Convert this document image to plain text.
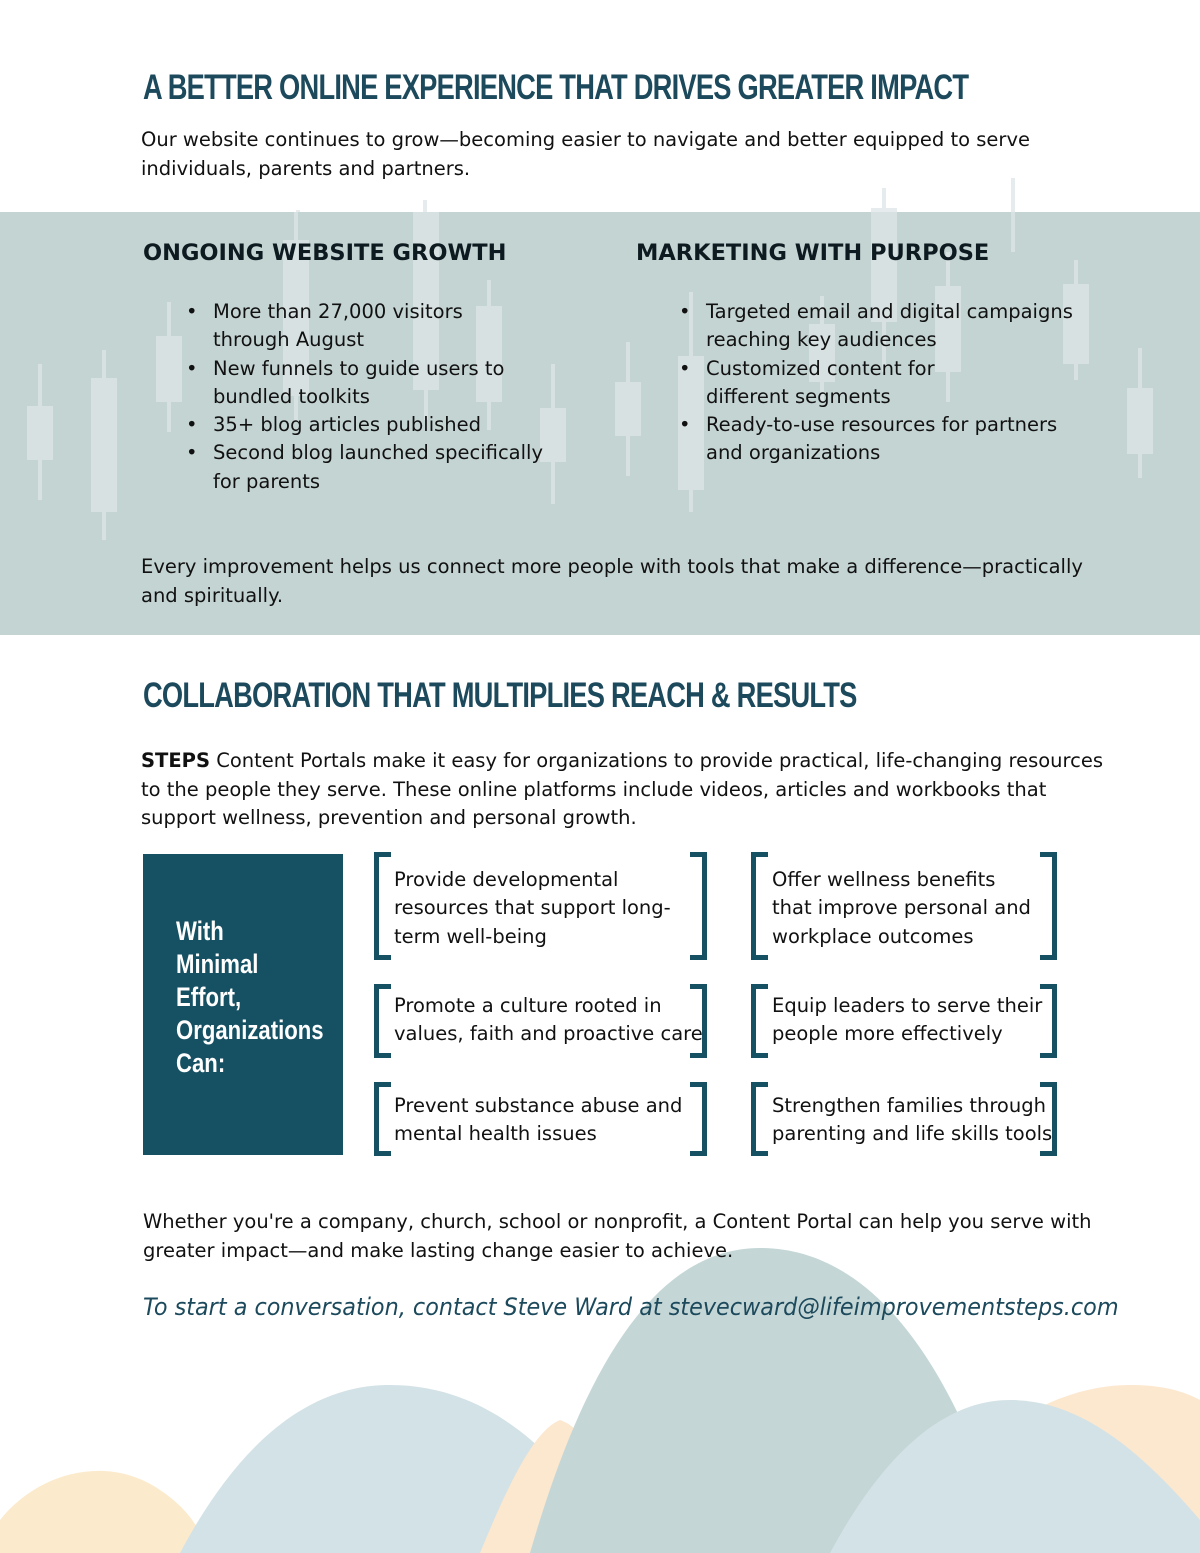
A BETTER ONLINE EXPERIENCE THAT DRIVES GREATER IMPACT

Our website continues to grow—becoming easier to navigate and better equipped to serve
individuals, parents and partners.

ONGOING WEBSITE GROWTH
• More than 27,000 visitors
through August
• New funnels to guide users to
bundled toolkits
• 35+ blog articles published
• Second blog launched specifically
for parents
MARKETING WITH PURPOSE
• Targeted email and digital campaigns
reaching key audiences
• Customized content for
different segments
• Ready-to-use resources for partners
and organizations

Every improvement helps us connect more people with tools that make a difference—practically
and spiritually.

COLLABORATION THAT MULTIPLIES REACH & RESULTS

STEPS Content Portals make it easy for organizations to provide practical, life-changing resources
to the people they serve. These online platforms include videos, articles and workbooks that
support wellness, prevention and personal growth.

With
Minimal
Effort,
Organizations
Can:

Provide developmental
resources that support long-
term well-being

Offer wellness benefits
that improve personal and
workplace outcomes

Promote a culture rooted in
values, faith and proactive care

Equip leaders to serve their
people more effectively

Prevent substance abuse and
mental health issues

Strengthen families through
parenting and life skills tools

Whether you're a company, church, school or nonprofit, a Content Portal can help you serve with
greater impact—and make lasting change easier to achieve.

To start a conversation, contact Steve Ward at stevecward@lifeimprovementsteps.com
